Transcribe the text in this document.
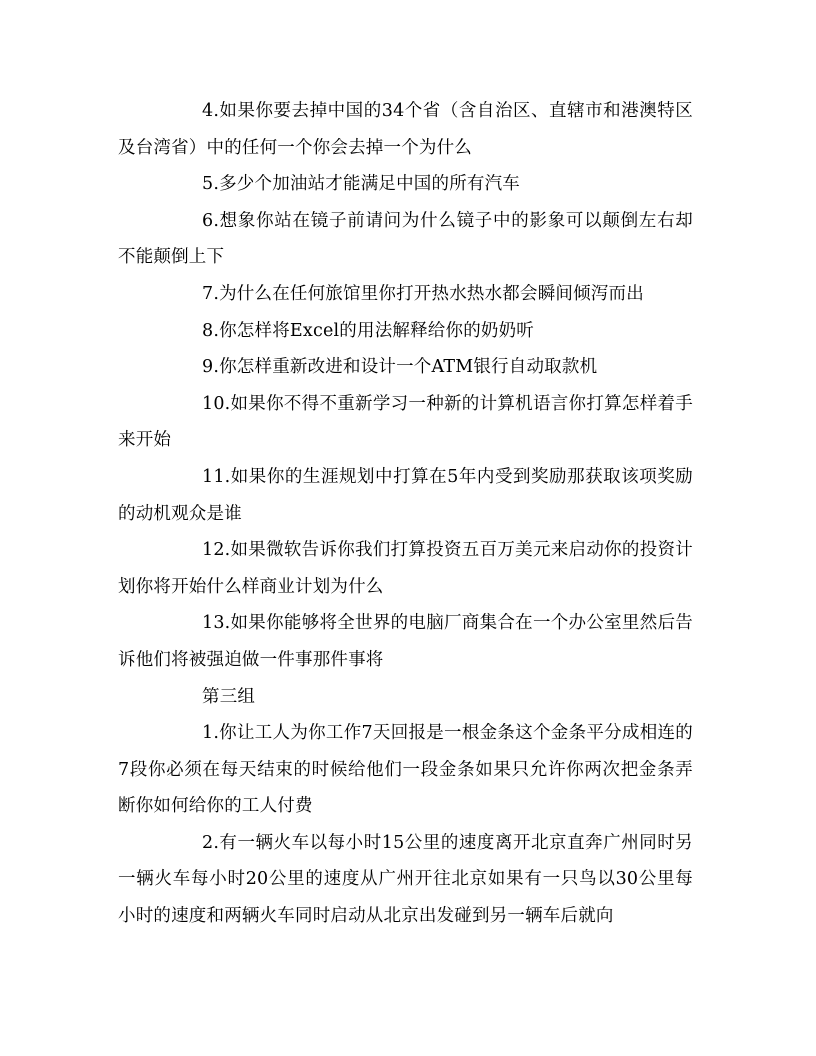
4.如果你要去掉中国的34个省（含自治区、直辖市和港澳特区及台湾省）中的任何一个你会去掉一个为什么

5.多少个加油站才能满足中国的所有汽车

6.想象你站在镜子前请问为什么镜子中的影象可以颠倒左右却不能颠倒上下

7.为什么在任何旅馆里你打开热水热水都会瞬间倾泻而出

8.你怎样将Excel的用法解释给你的奶奶听

9.你怎样重新改进和设计一个ATM银行自动取款机

10.如果你不得不重新学习一种新的计算机语言你打算怎样着手来开始

11.如果你的生涯规划中打算在5年内受到奖励那获取该项奖励的动机观众是谁

12.如果微软告诉你我们打算投资五百万美元来启动你的投资计划你将开始什么样商业计划为什么

13.如果你能够将全世界的电脑厂商集合在一个办公室里然后告诉他们将被强迫做一件事那件事将

第三组

1.你让工人为你工作7天回报是一根金条这个金条平分成相连的7段你必须在每天结束的时候给他们一段金条如果只允许你两次把金条弄断你如何给你的工人付费

2.有一辆火车以每小时15公里的速度离开北京直奔广州同时另一辆火车每小时20公里的速度从广州开往北京如果有一只鸟以30公里每小时的速度和两辆火车同时启动从北京出发碰到另一辆车后就向
